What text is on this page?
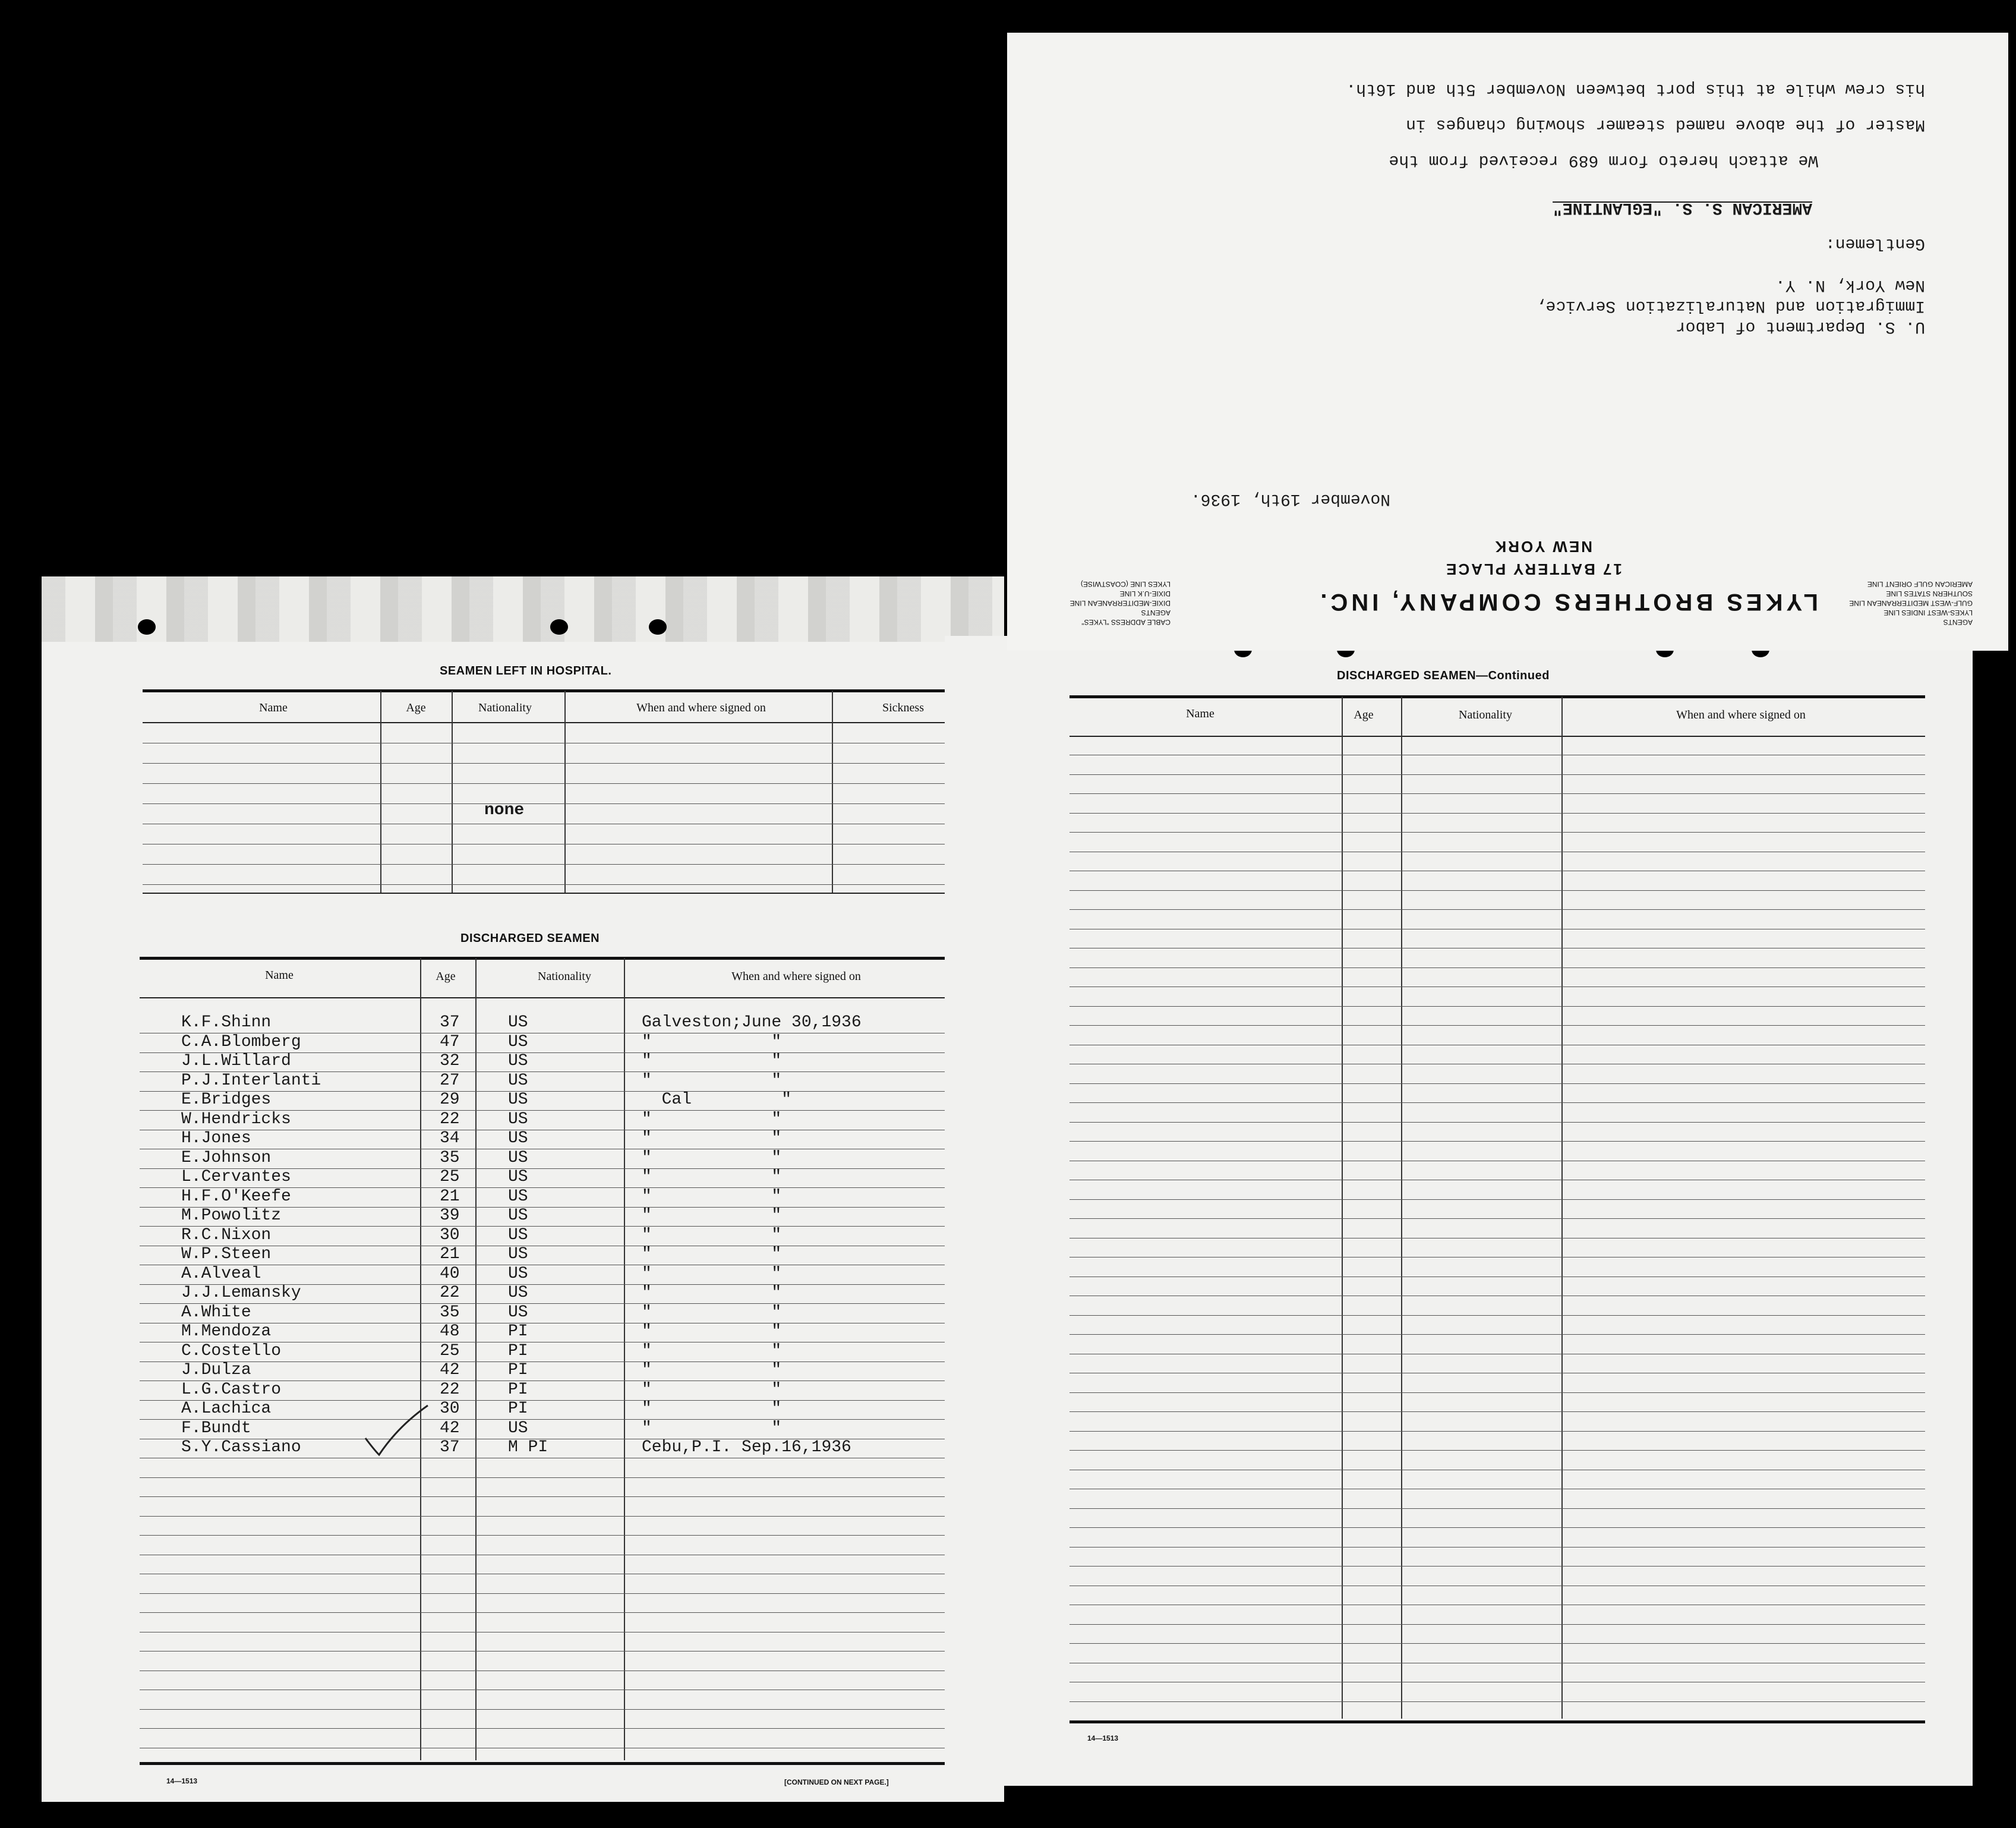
SEAMEN LEFT IN HOSPITAL.
Name	Age	Nationality	When and where signed on	Sickness
none
DISCHARGED SEAMEN
Name	Age	Nationality	When and where signed on
K.F.Shinn	37	US	Galveston;June 30,1936
C.A.Blomberg	47	US	"            "
J.L.Willard	32	US	"            "
P.J.Interlanti	27	US	"            "
E.Bridges	29	US	Cal         "
W.Hendricks	22	US	"            "
H.Jones	34	US	"            "
E.Johnson	35	US	"            "
L.Cervantes	25	US	"            "
H.F.O'Keefe	21	US	"            "
M.Powolitz	39	US	"            "
R.C.Nixon	30	US	"            "
W.P.Steen	21	US	"            "
A.Alveal	40	US	"            "
J.J.Lemansky	22	US	"            "
A.White	35	US	"            "
M.Mendoza	48	PI	"            "
C.Costello	25	PI	"            "
J.Dulza	42	PI	"            "
L.G.Castro	22	PI	"            "
A.Lachica	30	PI	"            "
F.Bundt	42	US	"            "
S.Y.Cassiano	37	M PI	Cebu,P.I. Sep.16,1936
14—1513	[CONTINUED ON NEXT PAGE.]
DISCHARGED SEAMEN—Continued
Name	Age	Nationality	When and where signed on
14—1513
LYKES BROTHERS COMPANY, INC.
17 BATTERY PLACE
NEW YORK
AGENTS
LYKES-WEST INDIES LINE
GULF-WEST MEDITERRANEAN LINE
SOUTHERN STATES LINE
AMERICAN GULF ORIENT LINE
CABLE ADDRESS "LYKES"
AGENTS
DIXIE-MEDITERRANEAN LINE
DIXIE-U.K LINE
LYKES LINE (COASTWISE)
November 19th, 1936.
U. S. Department of Labor
Immigration and Naturalization Service,
New York, N. Y.
Gentlemen:
AMERICAN S. S. "EGLANTINE"
We attach hereto form 689 received from the
Master of the above named steamer showing changes in
his crew while at this port between November 5th and 16th.
